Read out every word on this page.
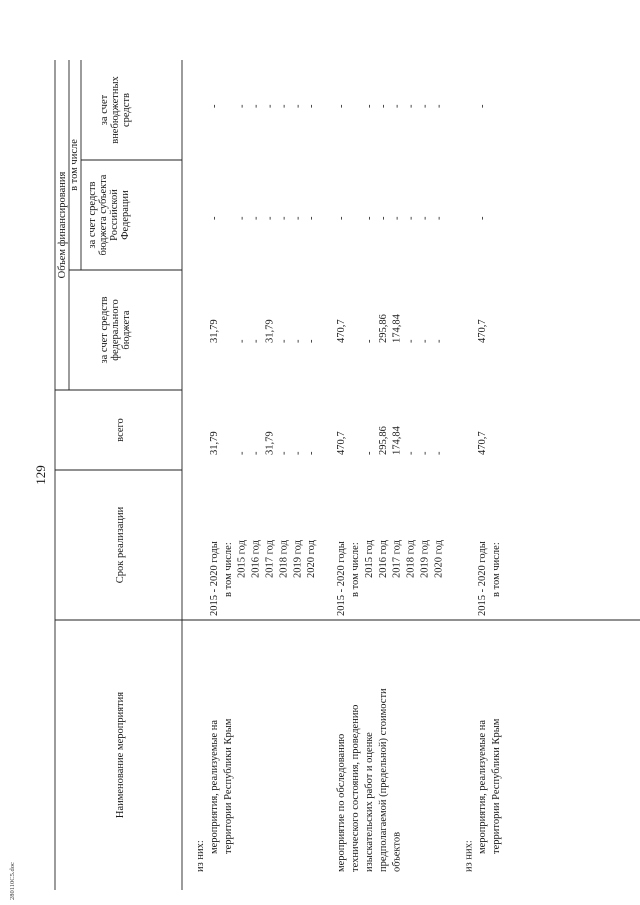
280110C5.doc
129
Наименование мероприятия
Срок реализации
Объем финансирования
в том числе
всего
за счет средств федерального бюджета
за счет средств бюджета субъекта Российской Федерации
за счет внебюджетных средств
из них:
мероприятия, реализуемые на
2015 - 2020 годы
31,79
31,79
-
-
территории Республики Крым
в том числе: 2015 год
-
-
-
-
2016 год
-
-
-
-
2017 год
31,79
31,79
-
-
2018 год
-
-
-
-
2019 год
-
-
-
-
2020 год
-
-
-
-
мероприятие по обследованию
2015 - 2020 годы
470,7
470,7
-
-
технического состояния, проведению
в том числе:
изыскательских работ и оценке
2015 год
-
-
-
-
предполагаемой (предельной) стоимости
2016 год
295,86
295,86
-
-
объектов
2017 год
174,84
174,84
-
-
2018 год
-
-
-
-
2019 год
-
-
-
-
2020 год
-
-
-
-
из них:
мероприятия, реализуемые на
2015 - 2020 годы
470,7
470,7
-
-
территории Республики Крым
в том числе:
